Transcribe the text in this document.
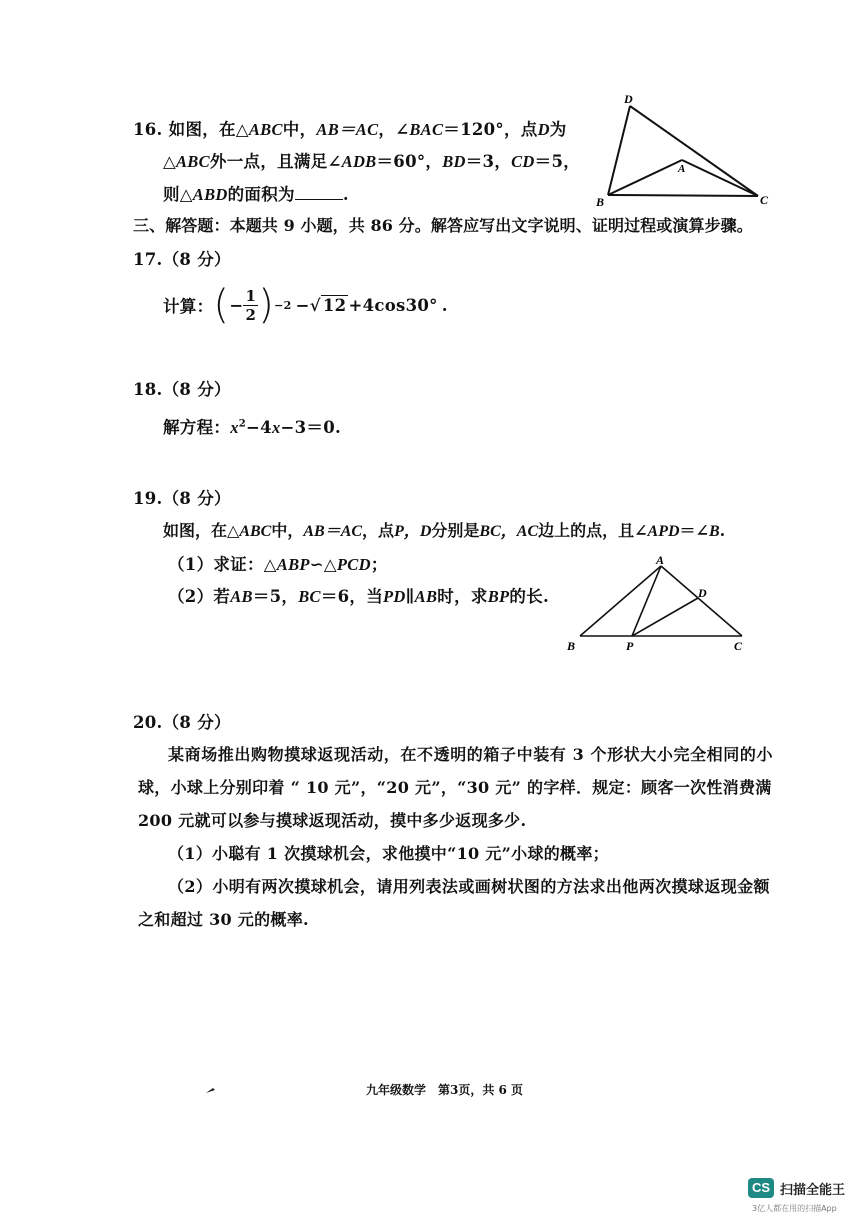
16. 如图，在△ABC中，AB＝AC，∠BAC＝120°，点D为
△ABC外一点，且满足∠ADB＝60°，BD＝3，CD＝5，
则△ABD的面积为	.
D
A
B	C
三、解答题：本题共 9 小题，共 86 分。解答应写出文字说明、证明过程或演算步骤。
17.（8 分）
计算： ( − $\frac{1}{2}$ ) −2 − √ 12 +4cos30° .
18.（8 分）
解方程：$x^2-4x-3=0$.
19.（8 分）
如图，在△ABC中，AB＝AC，点P，D分别是BC，AC边上的点，且∠APD＝∠B.
（1）求证：△ABP∽△PCD；
（2）若AB＝5，BC＝6，当PD∥AB时，求BP的长.
A
B	P	C
D
20.（8 分）
某商场推出购物摸球返现活动，在不透明的箱子中装有 3 个形状大小完全相同的小
球，小球上分别印着 “ 10 元”，“20 元”，“30 元” 的字样．规定：顾客一次性消费满
200 元就可以参与摸球返现活动，摸中多少返现多少.
（1）小聪有 1 次摸球机会，求他摸中“10 元”小球的概率；
（2）小明有两次摸球机会，请用列表法或画树状图的方法求出他两次摸球返现金额
之和超过 30 元的概率.
九年级数学　第3页，共 6 页
CS 扫描全能王
3亿人都在用的扫描App
